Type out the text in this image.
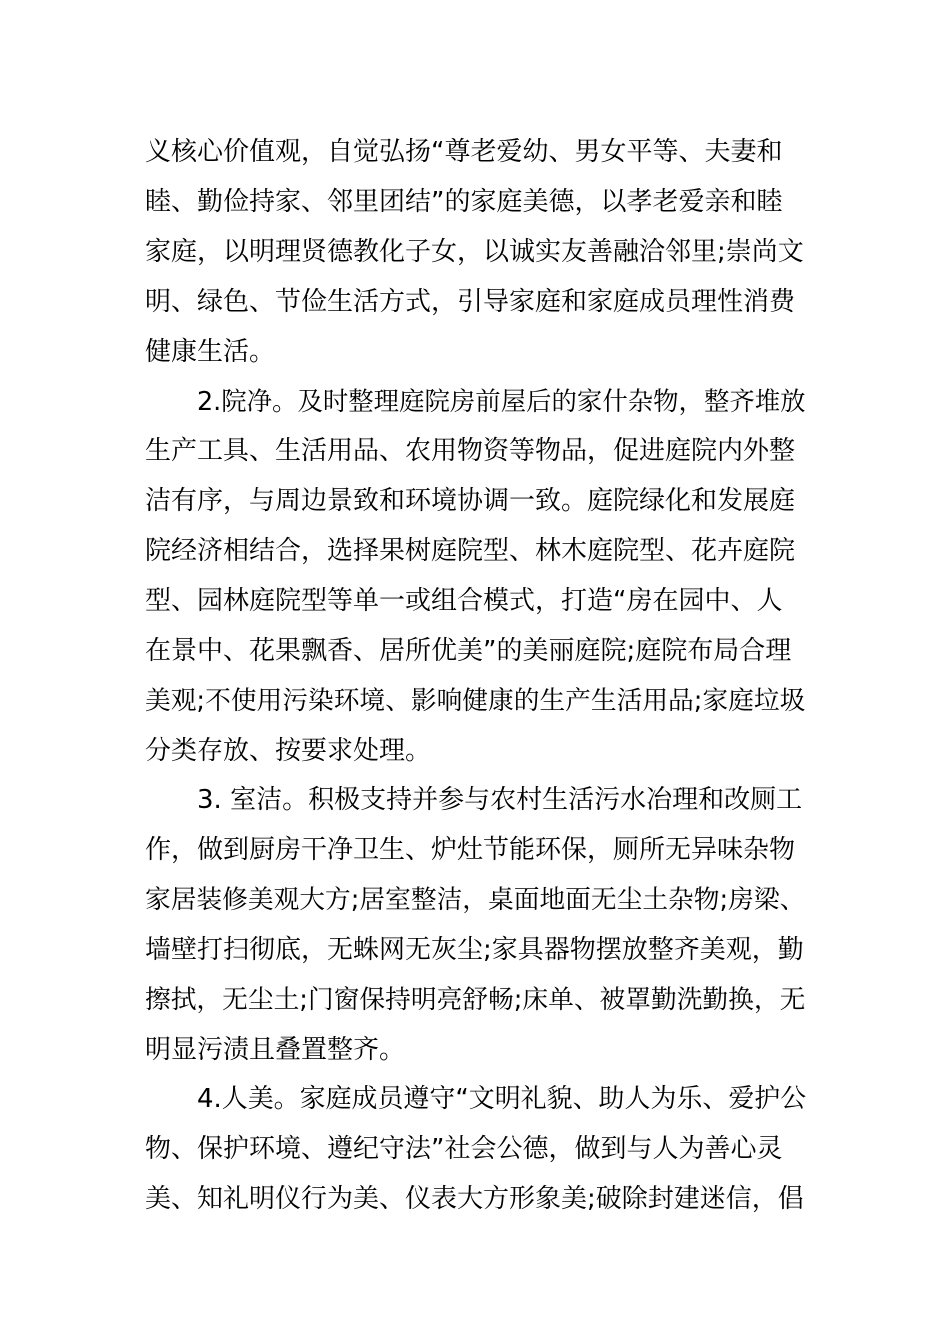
义核心价值观，自觉弘扬“尊老爱幼、男女平等、夫妻和
睦、勤俭持家、邻里团结”的家庭美德，以孝老爱亲和睦
家庭，以明理贤德教化子女，以诚实友善融洽邻里;崇尚文
明、绿色、节俭生活方式，引导家庭和家庭成员理性消费
健康生活。
2.院净。及时整理庭院房前屋后的家什杂物，整齐堆放
生产工具、生活用品、农用物资等物品，促进庭院内外整
洁有序，与周边景致和环境协调一致。庭院绿化和发展庭
院经济相结合，选择果树庭院型、林木庭院型、花卉庭院
型、园林庭院型等单一或组合模式，打造“房在园中、人
在景中、花果飘香、居所优美”的美丽庭院;庭院布局合理
美观;不使用污染环境、影响健康的生产生活用品;家庭垃圾
分类存放、按要求处理。
3. 室洁。积极支持并参与农村生活污水冶理和改厕工
作，做到厨房干净卫生、炉灶节能环保，厕所无异味杂物
家居装修美观大方;居室整洁，桌面地面无尘土杂物;房梁、
墙壁打扫彻底，无蛛网无灰尘;家具器物摆放整齐美观，勤
擦拭，无尘土;门窗保持明亮舒畅;床单、被罩勤洗勤换，无
明显污渍且叠置整齐。
4.人美。家庭成员遵守“文明礼貌、助人为乐、爱护公
物、保护环境、遵纪守法”社会公德，做到与人为善心灵
美、知礼明仪行为美、仪表大方形象美;破除封建迷信，倡
